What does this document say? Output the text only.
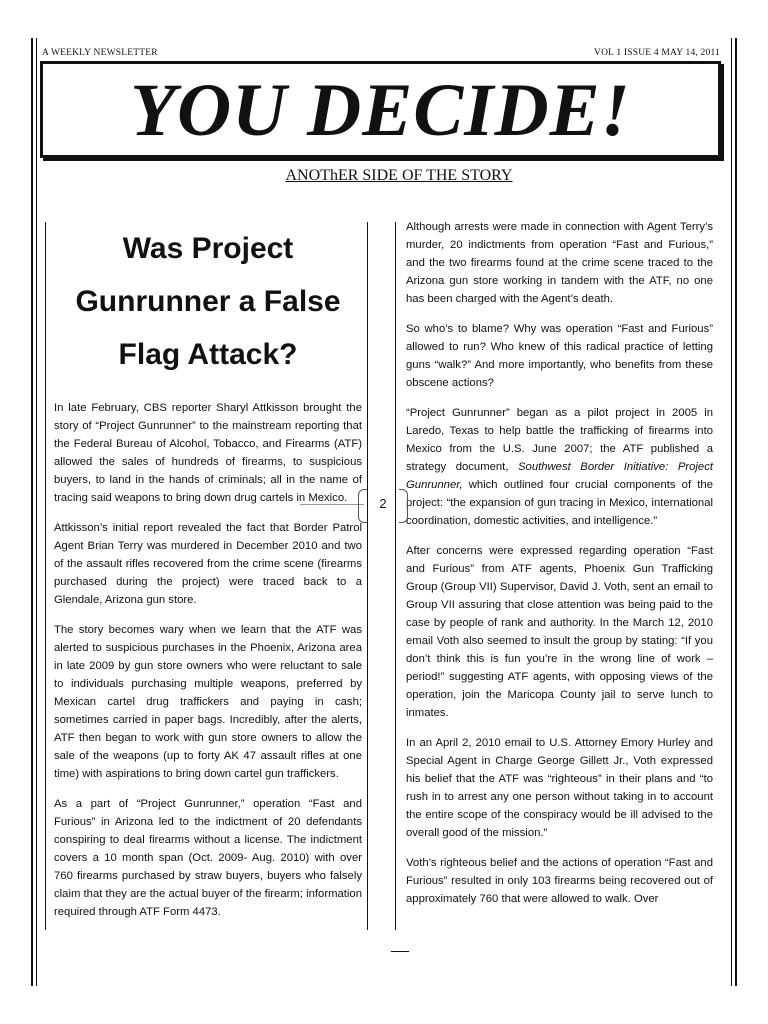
A WEEKLY NEWSLETTER	VOL 1 ISSUE 4 MAY 14, 2011
YOU DECIDE!
ANOThER SIDE OF THE STORY
Was Project
Gunrunner a False
Flag Attack?

In late February, CBS reporter Sharyl Attkisson brought the story of “Project Gunrunner” to the mainstream reporting that the Federal Bureau of Alcohol, Tobacco, and Firearms (ATF) allowed the sales of hundreds of firearms, to suspicious buyers, to land in the hands of criminals; all in the name of tracing said weapons to bring down drug cartels in Mexico.

Attkisson’s initial report revealed the fact that Border Patrol Agent Brian Terry was murdered in December 2010 and two of the assault rifles recovered from the crime scene (firearms purchased during the project) were traced back to a Glendale, Arizona gun store.

The story becomes wary when we learn that the ATF was alerted to suspicious purchases in the Phoenix, Arizona area in late 2009 by gun store owners who were reluctant to sale to individuals purchasing multiple weapons, preferred by Mexican cartel drug traffickers and paying in cash; sometimes carried in paper bags. Incredibly, after the alerts, ATF then began to work with gun store owners to allow the sale of the weapons (up to forty AK 47 assault rifles at one time) with aspirations to bring down cartel gun traffickers.

As a part of “Project Gunrunner,” operation “Fast and Furious” in Arizona led to the indictment of 20 defendants conspiring to deal firearms without a license. The indictment covers a 10 month span (Oct. 2009- Aug. 2010) with over 760 firearms purchased by straw buyers, buyers who falsely claim that they are the actual buyer of the firearm; information required through ATF Form 4473.

Although arrests were made in connection with Agent Terry’s murder, 20 indictments from operation “Fast and Furious,” and the two firearms found at the crime scene traced to the Arizona gun store working in tandem with the ATF, no one has been charged with the Agent’s death.

So who’s to blame? Why was operation “Fast and Furious” allowed to run? Who knew of this radical practice of letting guns “walk?” And more importantly, who benefits from these obscene actions?

“Project Gunrunner” began as a pilot project in 2005 in Laredo, Texas to help battle the trafficking of firearms into Mexico from the U.S. June 2007; the ATF published a strategy document, Southwest Border Initiative: Project Gunrunner, which outlined four crucial components of the project: “the expansion of gun tracing in Mexico, international coordination, domestic activities, and intelligence.”

After concerns were expressed regarding operation “Fast and Furious” from ATF agents, Phoenix Gun Trafficking Group (Group VII) Supervisor, David J. Voth, sent an email to Group VII assuring that close attention was being paid to the case by people of rank and authority. In the March 12, 2010 email Voth also seemed to insult the group by stating: “If you don’t think this is fun you’re in the wrong line of work – period!” suggesting ATF agents, with opposing views of the operation, join the Maricopa County jail to serve lunch to inmates.

In an April 2, 2010 email to U.S. Attorney Emory Hurley and Special Agent in Charge George Gillett Jr., Voth expressed his belief that the ATF was “righteous” in their plans and “to rush in to arrest any one person without taking in to account the entire scope of the conspiracy would be ill advised to the overall good of the mission.”

Voth’s righteous belief and the actions of operation “Fast and Furious” resulted in only 103 firearms being recovered out of approximately 760 that were allowed to walk. Over

2
